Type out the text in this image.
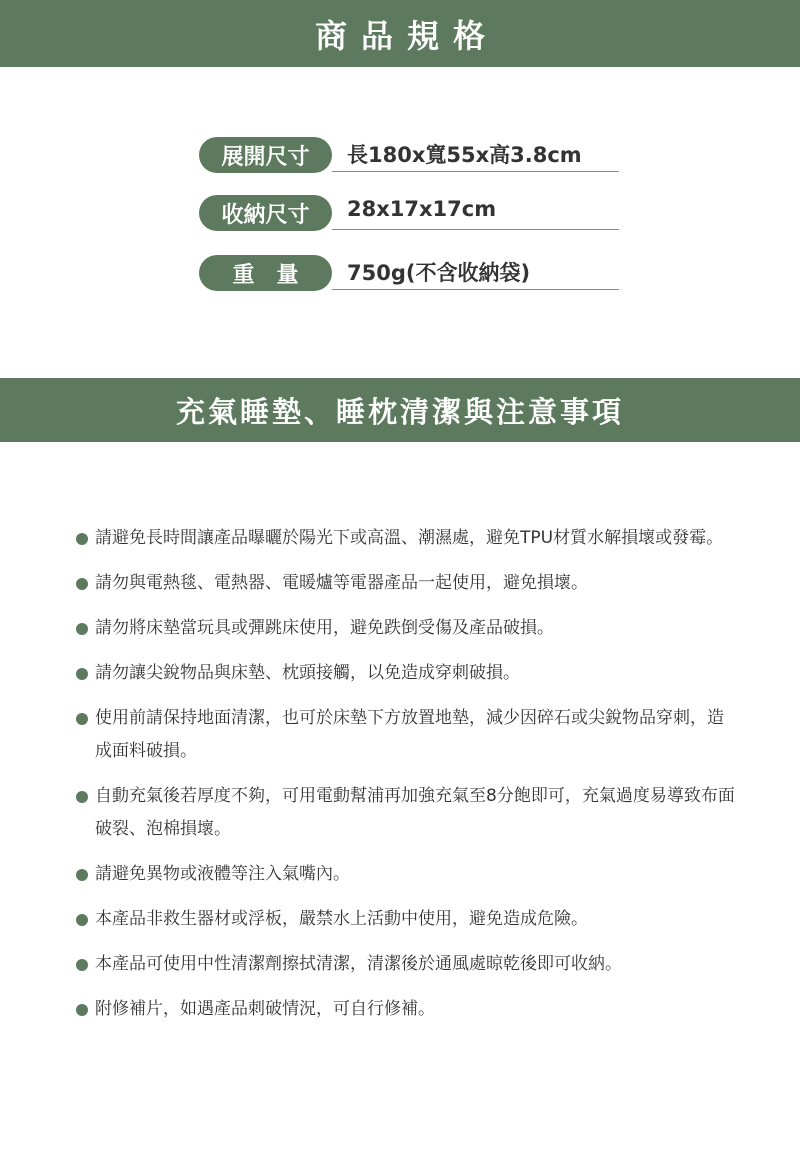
商品規格
展開尺寸	長180x寬55x高3.8cm
收納尺寸	28x17x17cm
重量	750g(不含收納袋)
充氣睡墊、睡枕清潔與注意事項
請避免長時間讓產品曝曬於陽光下或高溫、潮濕處，避免TPU材質水解損壞或發霉。
請勿與電熱毯、電熱器、電暖爐等電器產品一起使用，避免損壞。
請勿將床墊當玩具或彈跳床使用，避免跌倒受傷及產品破損。
請勿讓尖銳物品與床墊、枕頭接觸，以免造成穿刺破損。
使用前請保持地面清潔，也可於床墊下方放置地墊，減少因碎石或尖銳物品穿刺，造成面料破損。
自動充氣後若厚度不夠，可用電動幫浦再加強充氣至8分飽即可，充氣過度易導致布面破裂、泡棉損壞。
請避免異物或液體等注入氣嘴內。
本產品非救生器材或浮板，嚴禁水上活動中使用，避免造成危險。
本產品可使用中性清潔劑擦拭清潔，清潔後於通風處晾乾後即可收納。
附修補片，如遇產品刺破情況，可自行修補。
